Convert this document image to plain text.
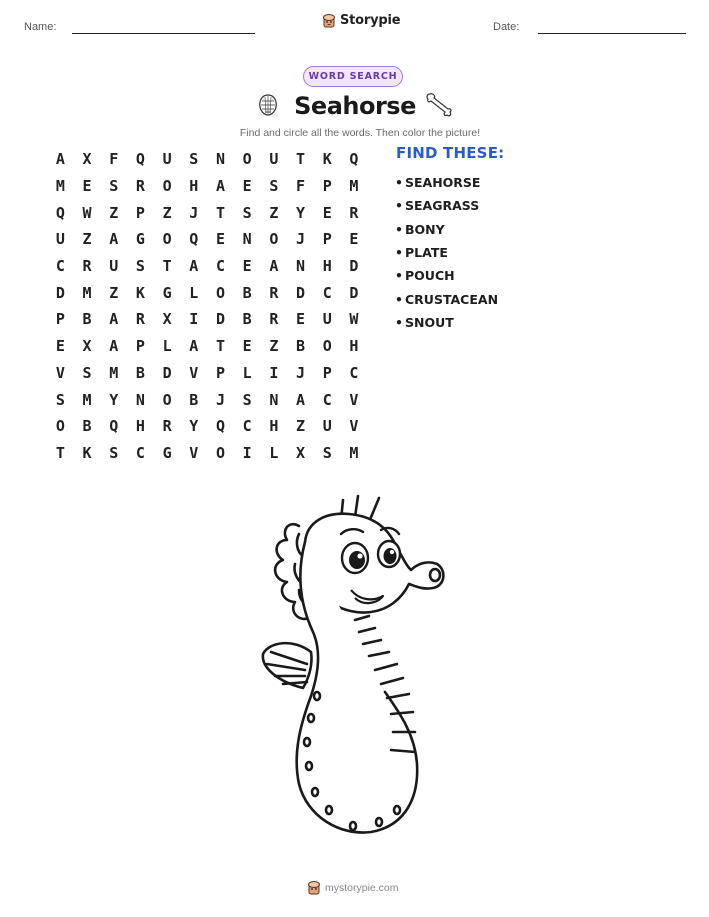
Name:	Storypie	Date:
WORD SEARCH
Seahorse
Find and circle all the words. Then color the picture!
A	X	F	Q	U	S	N	O	U	T	K	Q
M	E	S	R	O	H	A	E	S	F	P	M
Q	W	Z	P	Z	J	T	S	Z	Y	E	R
U	Z	A	G	O	Q	E	N	O	J	P	E
C	R	U	S	T	A	C	E	A	N	H	D
D	M	Z	K	G	L	O	B	R	D	C	D
P	B	A	R	X	I	D	B	R	E	U	W
E	X	A	P	L	A	T	E	Z	B	O	H
V	S	M	B	D	V	P	L	I	J	P	C
S	M	Y	N	O	B	J	S	N	A	C	V
O	B	Q	H	R	Y	Q	C	H	Z	U	V
T	K	S	C	G	V	O	I	L	X	S	M
FIND THESE:
• SEAHORSE
• SEAGRASS
• BONY
• PLATE
• POUCH
• CRUSTACEAN
• SNOUT
mystorypie.com
